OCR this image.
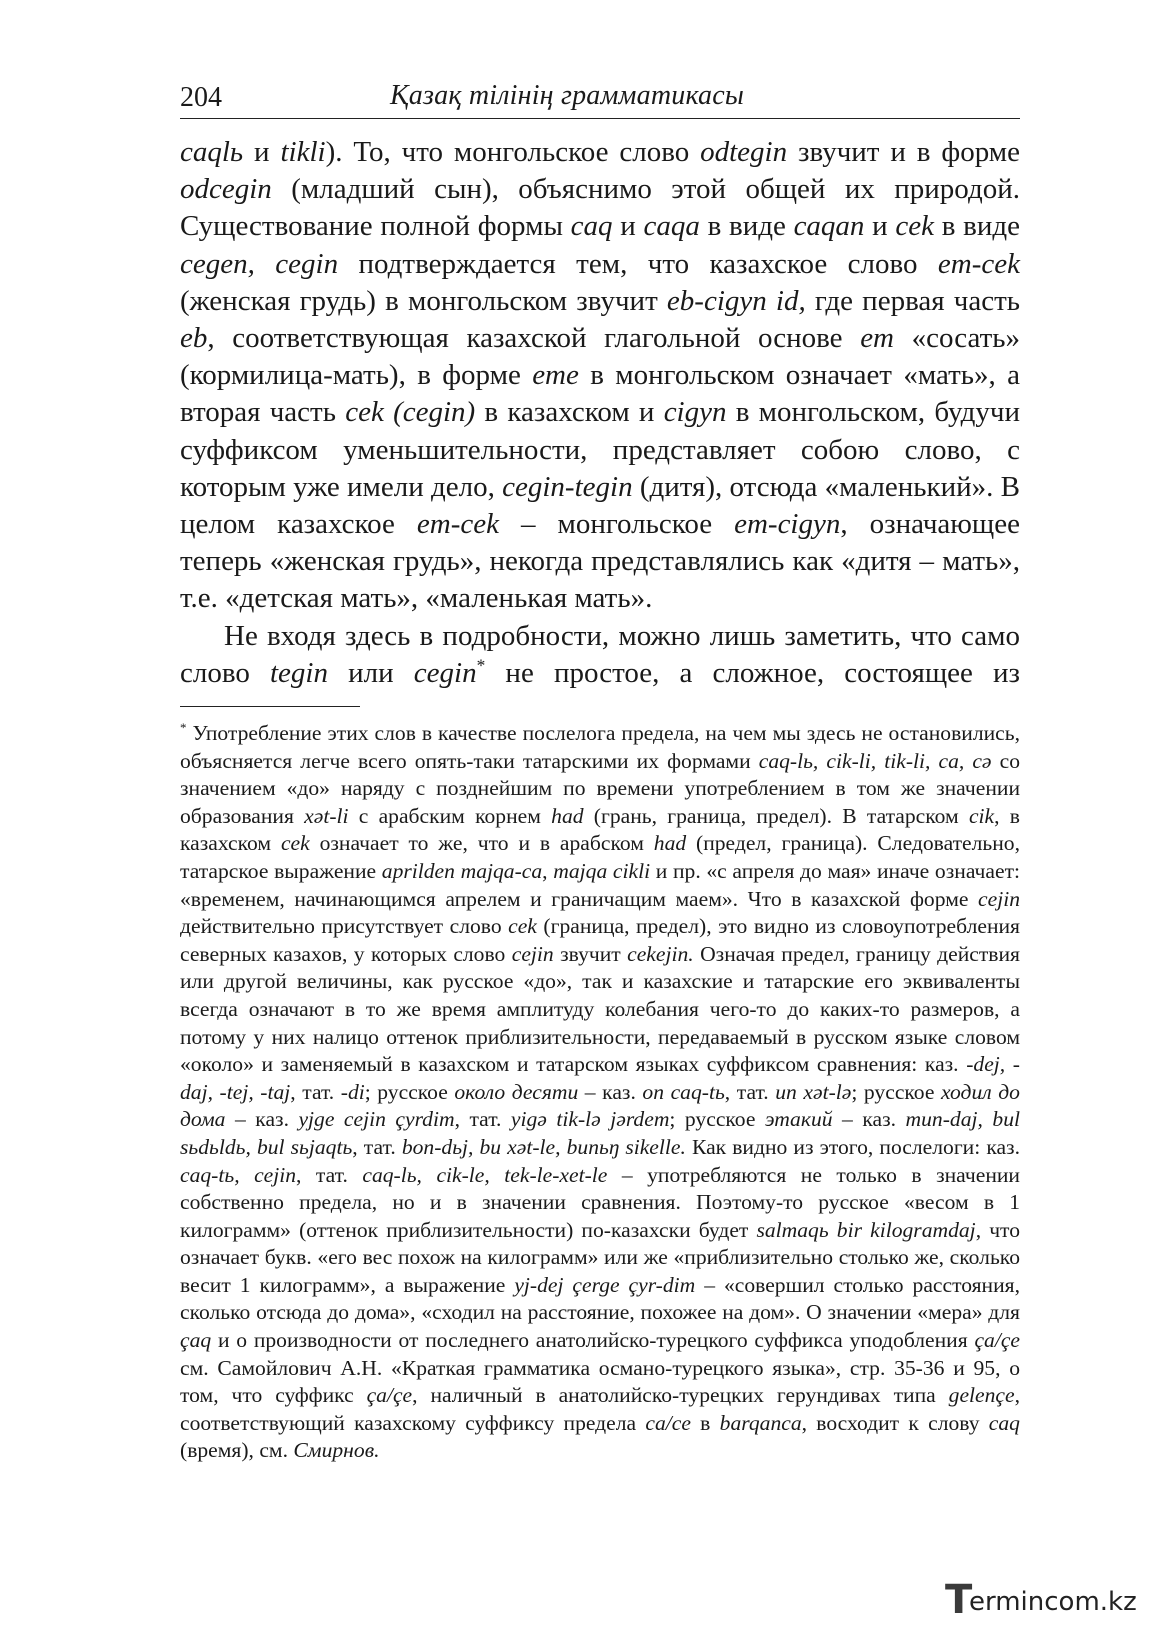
204	Қазақ тілінің грамматикасы

caqlь и tikli). То, что монгольское слово odtegin звучит и в форме odcegin (младший сын), объяснимо этой общей их природой. Существование полной формы caq и caqa в виде caqan и cek в виде cegen, cegin подтверждается тем, что казахское слово em-cek (женская грудь) в монгольском звучит eb-cigyn id, где первая часть eb, соответствующая казахской глагольной основе em «сосать» (кормилица-мать), в форме eme в монгольском означает «мать», а вторая часть cek (cegin) в казахском и cigyn в монгольском, будучи суффиксом уменьшительности, представляет собою слово, с которым уже имели дело, cegin-tegin (дитя), отсюда «маленький». В целом казахское em-cek – монгольское em-cigyn, означающее теперь «женская грудь», некогда представлялись как «дитя – мать», т.е. «детская мать», «маленькая мать».

Не входя здесь в подробности, можно лишь заметить, что само слово tegin или cegin* не простое, а сложное, состоящее из

* Употребление этих слов в качестве послелога предела, на чем мы здесь не остановились, объясняется легче всего опять-таки татарскими их формами caq-lь, cik-li, tik-li, ca, cə со значением «до» наряду с позднейшим по времени употреблением в том же значении образования xət-li с арабским корнем had (грань, граница, предел). В татарском cik, в казахском cek означает то же, что и в арабском had (предел, граница). Следовательно, татарское выражение aprilden majqa-ca, majqa cikli и пр. «с апреля до мая» иначе означает: «временем, начинающимся апрелем и граничащим маем». Что в казахской форме cejin действительно присутствует слово cek (граница, предел), это видно из словоупотребления северных казахов, у которых слово cejin звучит cekejin. Означая предел, границу действия или другой величины, как русское «до», так и казахские и татарские его эквиваленты всегда означают в то же время амплитуду колебания чего-то до каких-то размеров, а потому у них налицо оттенок приблизительности, передаваемый в русском языке словом «около» и заменяемый в казахском и татарском языках суффиксом сравнения: каз. -dej, -daj, -tej, -taj, тат. -di; русское около десяти – каз. on caq-tь, тат. un xət-lə; русское ходил до дома – каз. yjge cejin çyrdim, тат. yigə tik-lə jərdem; русское этакий – каз. mun-daj, bul sьdьldь, bul sьjaqtь, тат. bon-dьj, bu xət-le, bunьŋ sikelle. Как видно из этого, послелоги: каз. caq-tь, cejin, тат. caq-lь, cik-le, tek-le-xet-le – употребляются не только в значении собственно предела, но и в значении сравнения. Поэтому-то русское «весом в 1 килограмм» (оттенок приблизительности) по-казахски будет salmaqь bir kilogramdaj, что означает букв. «его вес похож на килограмм» или же «приблизительно столько же, сколько весит 1 килограмм», а выражение yj-dej çerge çyr-dim – «совершил столько расстояния, сколько отсюда до дома», «сходил на расстояние, похожее на дом». О значении «мера» для çaq и о производности от последнего анатолийско-турецкого суффикса уподобления ça/çe см. Самойлович А.Н. «Краткая грамматика османо-турецкого языка», стр. 35-36 и 95, о том, что суффикс ça/çe, наличный в анатолийско-турецких герундивах типа gelençe, соответствующий казахскому суффиксу предела ca/ce в barqanca, восходит к слову caq (время), см. Смирнов.

T
ermincom.kz
